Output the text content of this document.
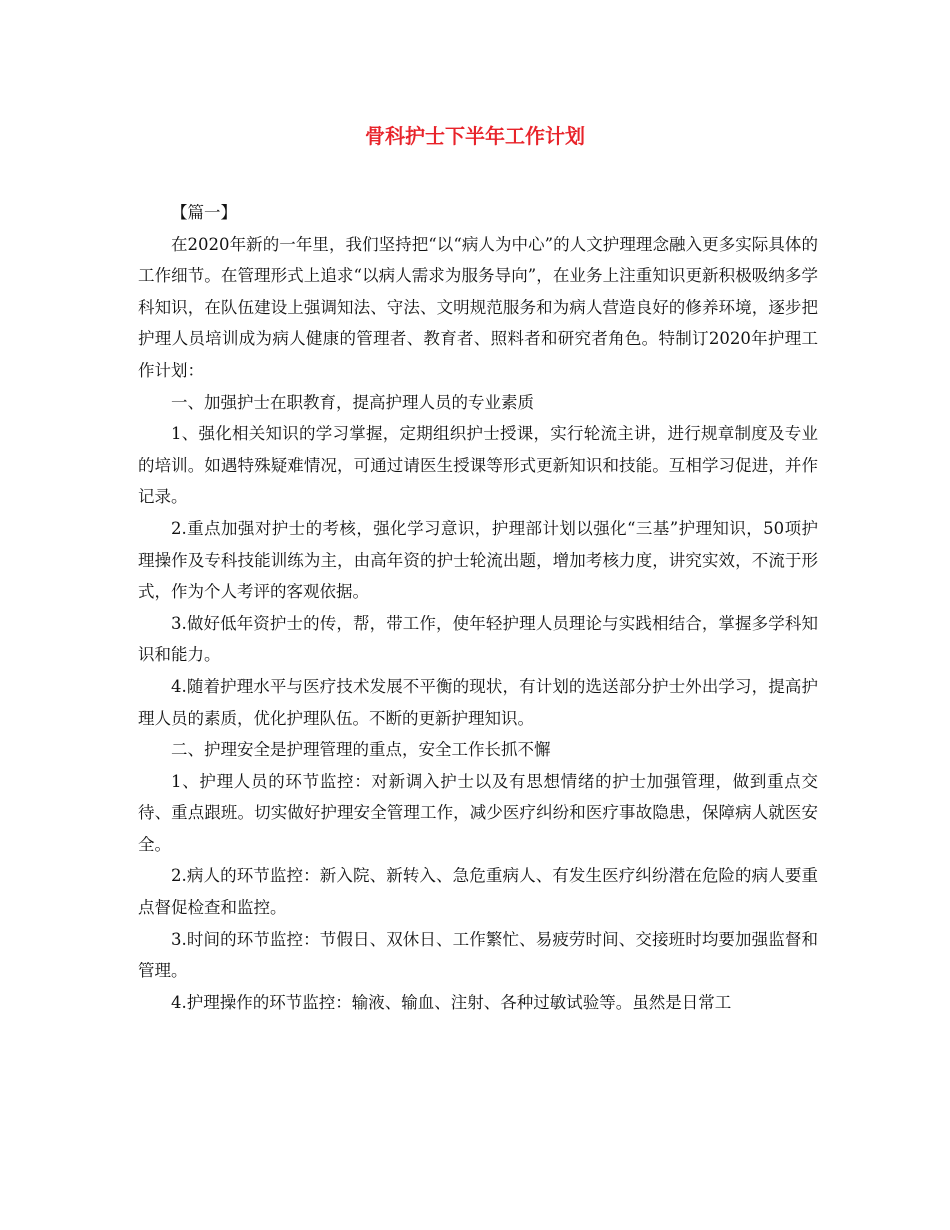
骨科护士下半年工作计划

【篇一】

在2020年新的一年里，我们坚持把“以“病人为中心”的人文护理理念融入更多实际具体的工作细节。在管理形式上追求“以病人需求为服务导向”，在业务上注重知识更新积极吸纳多学科知识，在队伍建设上强调知法、守法、文明规范服务和为病人营造良好的修养环境，逐步把护理人员培训成为病人健康的管理者、教育者、照料者和研究者角色。特制订2020年护理工作计划：

一、加强护士在职教育，提高护理人员的专业素质

1、强化相关知识的学习掌握，定期组织护士授课，实行轮流主讲，进行规章制度及专业的培训。如遇特殊疑难情况，可通过请医生授课等形式更新知识和技能。互相学习促进，并作记录。

2.重点加强对护士的考核，强化学习意识，护理部计划以强化“三基”护理知识，50项护理操作及专科技能训练为主，由高年资的护士轮流出题，增加考核力度，讲究实效，不流于形式，作为个人考评的客观依据。

3.做好低年资护士的传，帮，带工作，使年轻护理人员理论与实践相结合，掌握多学科知识和能力。

4.随着护理水平与医疗技术发展不平衡的现状，有计划的选送部分护士外出学习，提高护理人员的素质，优化护理队伍。不断的更新护理知识。

二、护理安全是护理管理的重点，安全工作长抓不懈

1、护理人员的环节监控：对新调入护士以及有思想情绪的护士加强管理，做到重点交待、重点跟班。切实做好护理安全管理工作，减少医疗纠纷和医疗事故隐患，保障病人就医安全。

2.病人的环节监控：新入院、新转入、急危重病人、有发生医疗纠纷潜在危险的病人要重点督促检查和监控。

3.时间的环节监控：节假日、双休日、工作繁忙、易疲劳时间、交接班时均要加强监督和管理。

4.护理操作的环节监控：输液、输血、注射、各种过敏试验等。虽然是日常工
